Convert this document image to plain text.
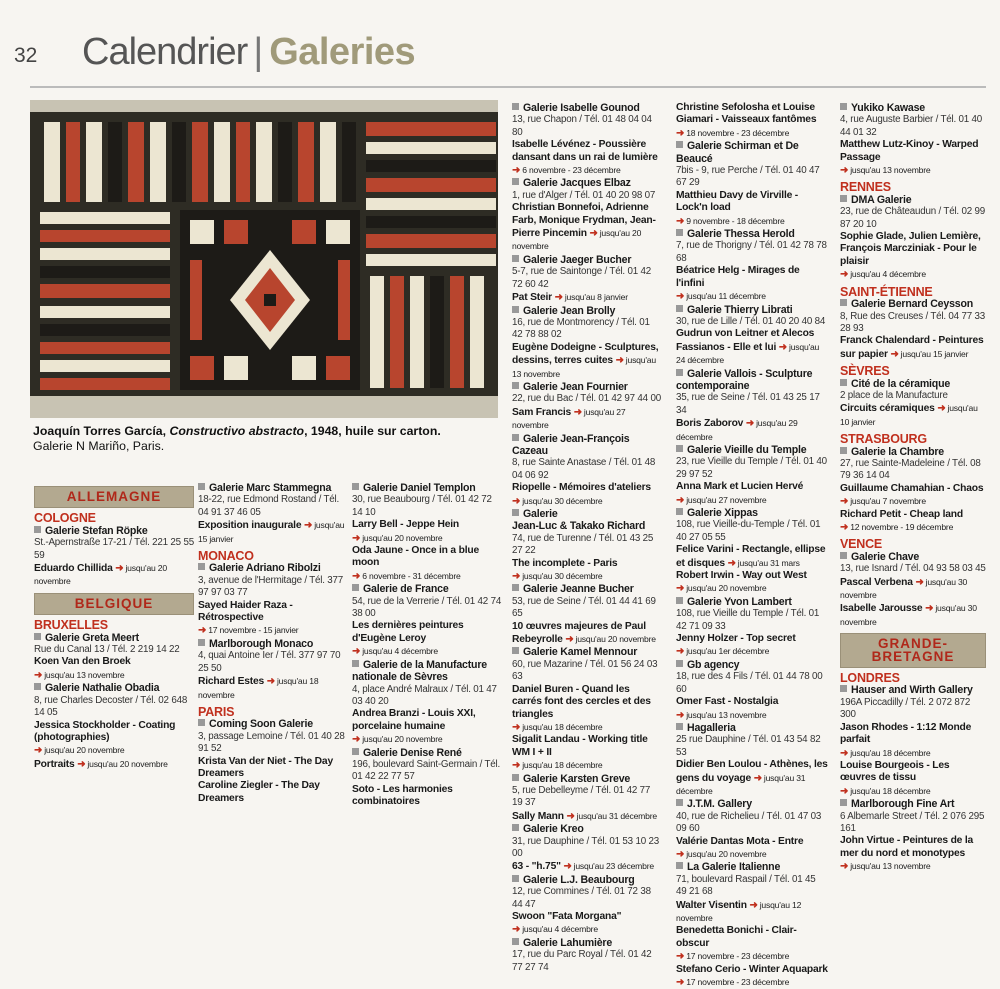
32 Calendrier | Galeries
Joaquín Torres García, Constructivo abstracto, 1948, huile sur carton.
Galerie N Mariño, Paris.
ALLEMAGNE
COLOGNE
Galerie Stefan Röpke
St.-Apernstraße 17-21 / Tél. 221 25 55 59
Eduardo Chillida ➜ jusqu'au 20 novembre
BELGIQUE
BRUXELLES
Galerie Greta Meert
Rue du Canal 13 / Tél. 2 219 14 22
Koen Van den Broek
➜ jusqu'au 13 novembre
Galerie Nathalie Obadia
8, rue Charles Decoster / Tél. 02 648 14 05
Jessica Stockholder - Coating (photographies)
➜ jusqu'au 20 novembre
Portraits ➜ jusqu'au 20 novembre
Galerie Marc Stammegna
18-22, rue Edmond Rostand / Tél. 04 91 37 46 05
Exposition inaugurale ➜ jusqu'au 15 janvier
MONACO
Galerie Adriano Ribolzi
3, avenue de l'Hermitage / Tél. 377 97 97 03 77
Sayed Haider Raza - Rétrospective
➜ 17 novembre - 15 janvier
Marlborough Monaco
4, quai Antoine Ier / Tél. 377 97 70 25 50
Richard Estes ➜ jusqu'au 18 novembre
PARIS
Coming Soon Galerie
3, passage Lemoine / Tél. 01 40 28 91 52
Krista Van der Niet - The Day Dreamers
Caroline Ziegler - The Day Dreamers
Galerie Daniel Templon
30, rue Beaubourg / Tél. 01 42 72 14 10
Larry Bell - Jeppe Hein
➜ jusqu'au 20 novembre
Oda Jaune - Once in a blue moon
➜ 6 novembre - 31 décembre
Galerie de France
54, rue de la Verrerie / Tél. 01 42 74 38 00
Les dernières peintures d'Eugène Leroy
➜ jusqu'au 4 décembre
Galerie de la Manufacture nationale de Sèvres
4, place André Malraux / Tél. 01 47 03 40 20
Andrea Branzi - Louis XXI, porcelaine humaine
➜ jusqu'au 20 novembre
Galerie Denise René
196, boulevard Saint-Germain / Tél. 01 42 22 77 57
Soto - Les harmonies combinatoires
Galerie Isabelle Gounod
13, rue Chapon / Tél. 01 48 04 04 80
Isabelle Lévénez - Poussière dansant dans un rai de lumière
➜ 6 novembre - 23 décembre
Galerie Jacques Elbaz
1, rue d'Alger / Tél. 01 40 20 98 07
Christian Bonnefoi, Adrienne Farb, Monique Frydman, Jean-Pierre Pincemin ➜ jusqu'au 20 novembre
Galerie Jaeger Bucher
5-7, rue de Saintonge / Tél. 01 42 72 60 42
Pat Steir ➜ jusqu'au 8 janvier
Galerie Jean Brolly
16, rue de Montmorency / Tél. 01 42 78 88 02
Eugène Dodeigne - Sculptures, dessins, terres cuites ➜ jusqu'au 13 novembre
Galerie Jean Fournier
22, rue du Bac / Tél. 01 42 97 44 00
Sam Francis ➜ jusqu'au 27 novembre
Galerie Jean-François Cazeau
8, rue Sainte Anastase / Tél. 01 48 04 06 92
Riopelle - Mémoires d'ateliers
➜ jusqu'au 30 décembre
Galerie
Jean-Luc & Takako Richard
74, rue de Turenne / Tél. 01 43 25 27 22
The incomplete - Paris
➜ jusqu'au 30 décembre
Galerie Jeanne Bucher
53, rue de Seine / Tél. 01 44 41 69 65
10 œuvres majeures de Paul Rebeyrolle ➜ jusqu'au 20 novembre
Galerie Kamel Mennour
60, rue Mazarine / Tél. 01 56 24 03 63
Daniel Buren - Quand les carrés font des cercles et des triangles
➜ jusqu'au 18 décembre
Sigalit Landau - Working title WM I + II
➜ jusqu'au 18 décembre
Galerie Karsten Greve
5, rue Debelleyme / Tél. 01 42 77 19 37
Sally Mann ➜ jusqu'au 31 décembre
Galerie Kreo
31, rue Dauphine / Tél. 01 53 10 23 00
63 - "h.75" ➜ jusqu'au 23 décembre
Galerie L.J. Beaubourg
12, rue Commines / Tél. 01 72 38 44 47
Swoon "Fata Morgana"
➜ jusqu'au 4 décembre
Galerie Lahumière
17, rue du Parc Royal / Tél. 01 42 77 27 74
Christine Sefolosha et Louise Giamari - Vaisseaux fantômes
➜ 18 novembre - 23 décembre
Galerie Schirman et De Beaucé
7bis - 9, rue Perche / Tél. 01 40 47 67 29
Matthieu Davy de Virville - Lock'n load
➜ 9 novembre - 18 décembre
Galerie Thessa Herold
7, rue de Thorigny / Tél. 01 42 78 78 68
Béatrice Helg - Mirages de l'infini
➜ jusqu'au 11 décembre
Galerie Thierry Librati
30, rue de Lille / Tél. 01 40 20 40 84
Gudrun von Leitner et Alecos Fassianos - Elle et lui ➜ jusqu'au 24 décembre
Galerie Vallois - Sculpture contemporaine
35, rue de Seine / Tél. 01 43 25 17 34
Boris Zaborov ➜ jusqu'au 29 décembre
Galerie Vieille du Temple
23, rue Vieille du Temple / Tél. 01 40 29 97 52
Anna Mark et Lucien Hervé
➜ jusqu'au 27 novembre
Galerie Xippas
108, rue Vieille-du-Temple / Tél. 01 40 27 05 55
Felice Varini - Rectangle, ellipse et disques ➜ jusqu'au 31 mars
Robert Irwin - Way out West
➜ jusqu'au 20 novembre
Galerie Yvon Lambert
108, rue Vieille du Temple / Tél. 01 42 71 09 33
Jenny Holzer - Top secret
➜ jusqu'au 1er décembre
Gb agency
18, rue des 4 Fils / Tél. 01 44 78 00 60
Omer Fast - Nostalgia
➜ jusqu'au 13 novembre
Hagalleria
25 rue Dauphine / Tél. 01 43 54 82 53
Didier Ben Loulou - Athènes, les gens du voyage ➜ jusqu'au 31 décembre
J.T.M. Gallery
40, rue de Richelieu / Tél. 01 47 03 09 60
Valérie Dantas Mota - Entre
➜ jusqu'au 20 novembre
La Galerie Italienne
71, boulevard Raspail / Tél. 01 45 49 21 68
Walter Visentin ➜ jusqu'au 12 novembre
Benedetta Bonichi - Clair-obscur
➜ 17 novembre - 23 décembre
Stefano Cerio - Winter Aquapark
➜ 17 novembre - 23 décembre
Yukiko Kawase
4, rue Auguste Barbier / Tél. 01 40 44 01 32
Matthew Lutz-Kinoy - Warped Passage
➜ jusqu'au 13 novembre
RENNES
DMA Galerie
23, rue de Châteaudun / Tél. 02 99 87 20 10
Sophie Glade, Julien Lemière, François Marcziniak - Pour le plaisir
➜ jusqu'au 4 décembre
SAINT-ÉTIENNE
Galerie Bernard Ceysson
8, Rue des Creuses / Tél. 04 77 33 28 93
Franck Chalendard - Peintures sur papier ➜ jusqu'au 15 janvier
SÈVRES
Cité de la céramique
2 place de la Manufacture
Circuits céramiques ➜ jusqu'au 10 janvier
STRASBOURG
Galerie la Chambre
27, rue Sainte-Madeleine / Tél. 08 79 36 14 04
Guillaume Chamahian - Chaos
➜ jusqu'au 7 novembre
Richard Petit - Cheap land
➜ 12 novembre - 19 décembre
VENCE
Galerie Chave
13, rue Isnard / Tél. 04 93 58 03 45
Pascal Verbena ➜ jusqu'au 30 novembre
Isabelle Jarousse ➜ jusqu'au 30 novembre
GRANDE-BRETAGNE
LONDRES
Hauser and Wirth Gallery
196A Piccadilly / Tél. 2 072 872 300
Jason Rhodes - 1:12 Monde parfait
➜ jusqu'au 18 décembre
Louise Bourgeois - Les œuvres de tissu
➜ jusqu'au 18 décembre
Marlborough Fine Art
6 Albemarle Street / Tél. 2 076 295 161
John Virtue - Peintures de la mer du nord et monotypes
➜ jusqu'au 13 novembre
